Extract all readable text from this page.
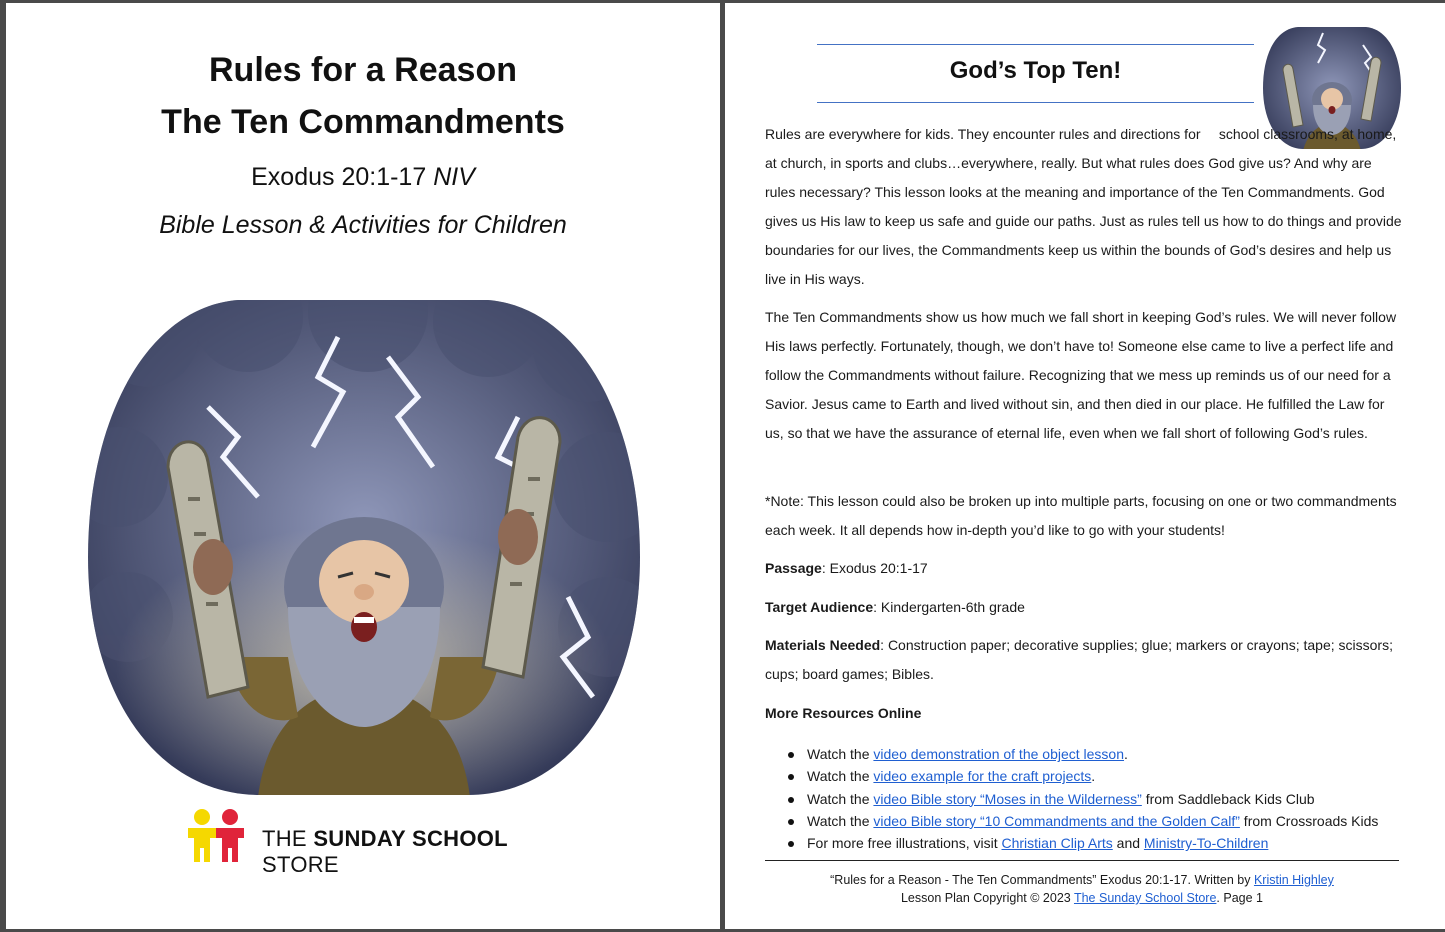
Rules for a Reason
The Ten Commandments
Exodus 20:1-17 NIV
Bible Lesson & Activities for Children
THE SUNDAY SCHOOL STORE
God’s Top Ten!

Rules are everywhere for kids. They encounter rules and directions for school classrooms, at home, at church, in sports and clubs…everywhere, really. But what rules does God give us? And why are rules necessary? This lesson looks at the meaning and importance of the Ten Commandments. God gives us His law to keep us safe and guide our paths. Just as rules tell us how to do things and provide boundaries for our lives, the Commandments keep us within the bounds of God’s desires and help us live in His ways.

The Ten Commandments show us how much we fall short in keeping God’s rules. We will never follow His laws perfectly. Fortunately, though, we don’t have to! Someone else came to live a perfect life and follow the Commandments without failure. Recognizing that we mess up reminds us of our need for a Savior. Jesus came to Earth and lived without sin, and then died in our place. He fulfilled the Law for us, so that we have the assurance of eternal life, even when we fall short of following God’s rules.

*Note: This lesson could also be broken up into multiple parts, focusing on one or two commandments each week. It all depends how in-depth you’d like to go with your students!

Passage: Exodus 20:1-17

Target Audience: Kindergarten-6th grade

Materials Needed: Construction paper; decorative supplies; glue; markers or crayons; tape; scissors; cups; board games; Bibles.

More Resources Online

Watch the video demonstration of the object lesson.
Watch the video example for the craft projects.
Watch the video Bible story “Moses in the Wilderness” from Saddleback Kids Club
Watch the video Bible story “10 Commandments and the Golden Calf” from Crossroads Kids
For more free illustrations, visit Christian Clip Arts and Ministry-To-Children
“Rules for a Reason - The Ten Commandments” Exodus 20:1-17. Written by Kristin Highley
Lesson Plan Copyright © 2023 The Sunday School Store. Page 1
